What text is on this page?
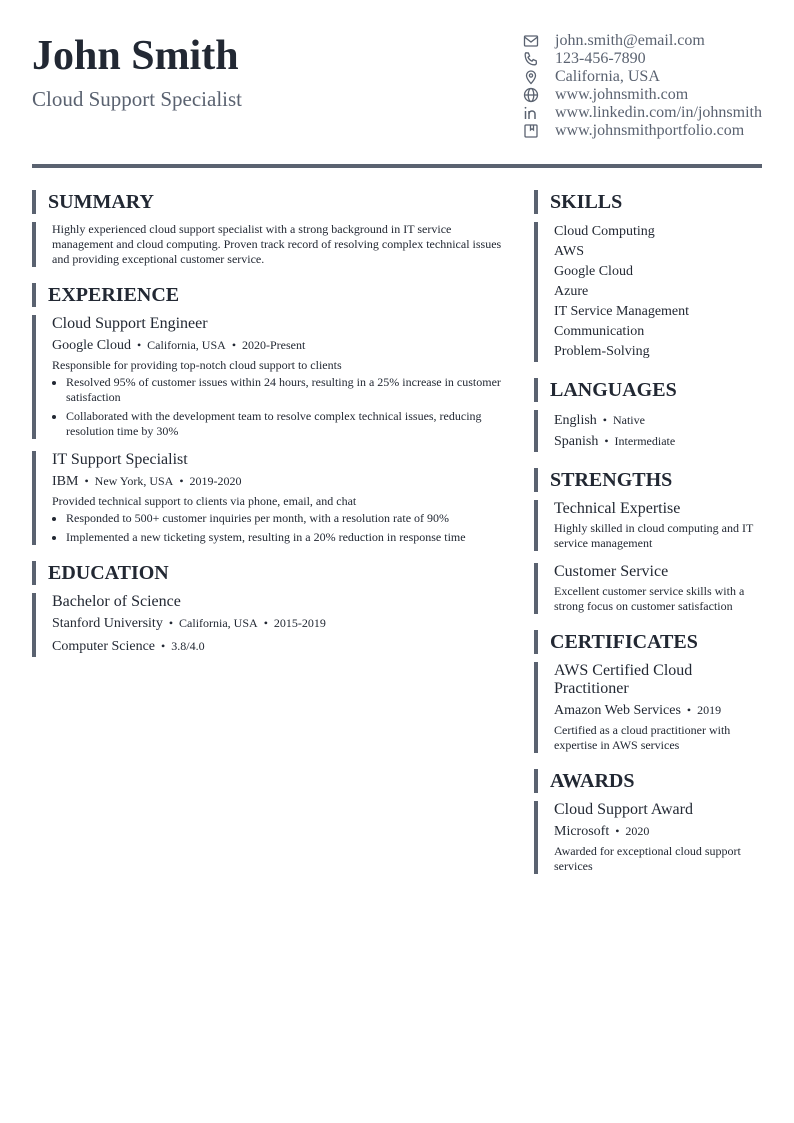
John Smith
Cloud Support Specialist
john.smith@email.com
123-456-7890
California, USA
www.johnsmith.com
www.linkedin.com/in/johnsmith
www.johnsmithportfolio.com
SUMMARY
Highly experienced cloud support specialist with a strong background in IT service management and cloud computing. Proven track record of resolving complex technical issues and providing exceptional customer service.
EXPERIENCE
Cloud Support Engineer
Google Cloud • California, USA • 2020-Present
Responsible for providing top-notch cloud support to clients
• Resolved 95% of customer issues within 24 hours, resulting in a 25% increase in customer satisfaction
• Collaborated with the development team to resolve complex technical issues, reducing resolution time by 30%
IT Support Specialist
IBM • New York, USA • 2019-2020
Provided technical support to clients via phone, email, and chat
• Responded to 500+ customer inquiries per month, with a resolution rate of 90%
• Implemented a new ticketing system, resulting in a 20% reduction in response time
EDUCATION
Bachelor of Science
Stanford University • California, USA • 2015-2019
Computer Science • 3.8/4.0
SKILLS
Cloud Computing
AWS
Google Cloud
Azure
IT Service Management
Communication
Problem-Solving
LANGUAGES
English • Native
Spanish • Intermediate
STRENGTHS
Technical Expertise
Highly skilled in cloud computing and IT service management
Customer Service
Excellent customer service skills with a strong focus on customer satisfaction
CERTIFICATES
AWS Certified Cloud Practitioner
Amazon Web Services • 2019
Certified as a cloud practitioner with expertise in AWS services
AWARDS
Cloud Support Award
Microsoft • 2020
Awarded for exceptional cloud support services
